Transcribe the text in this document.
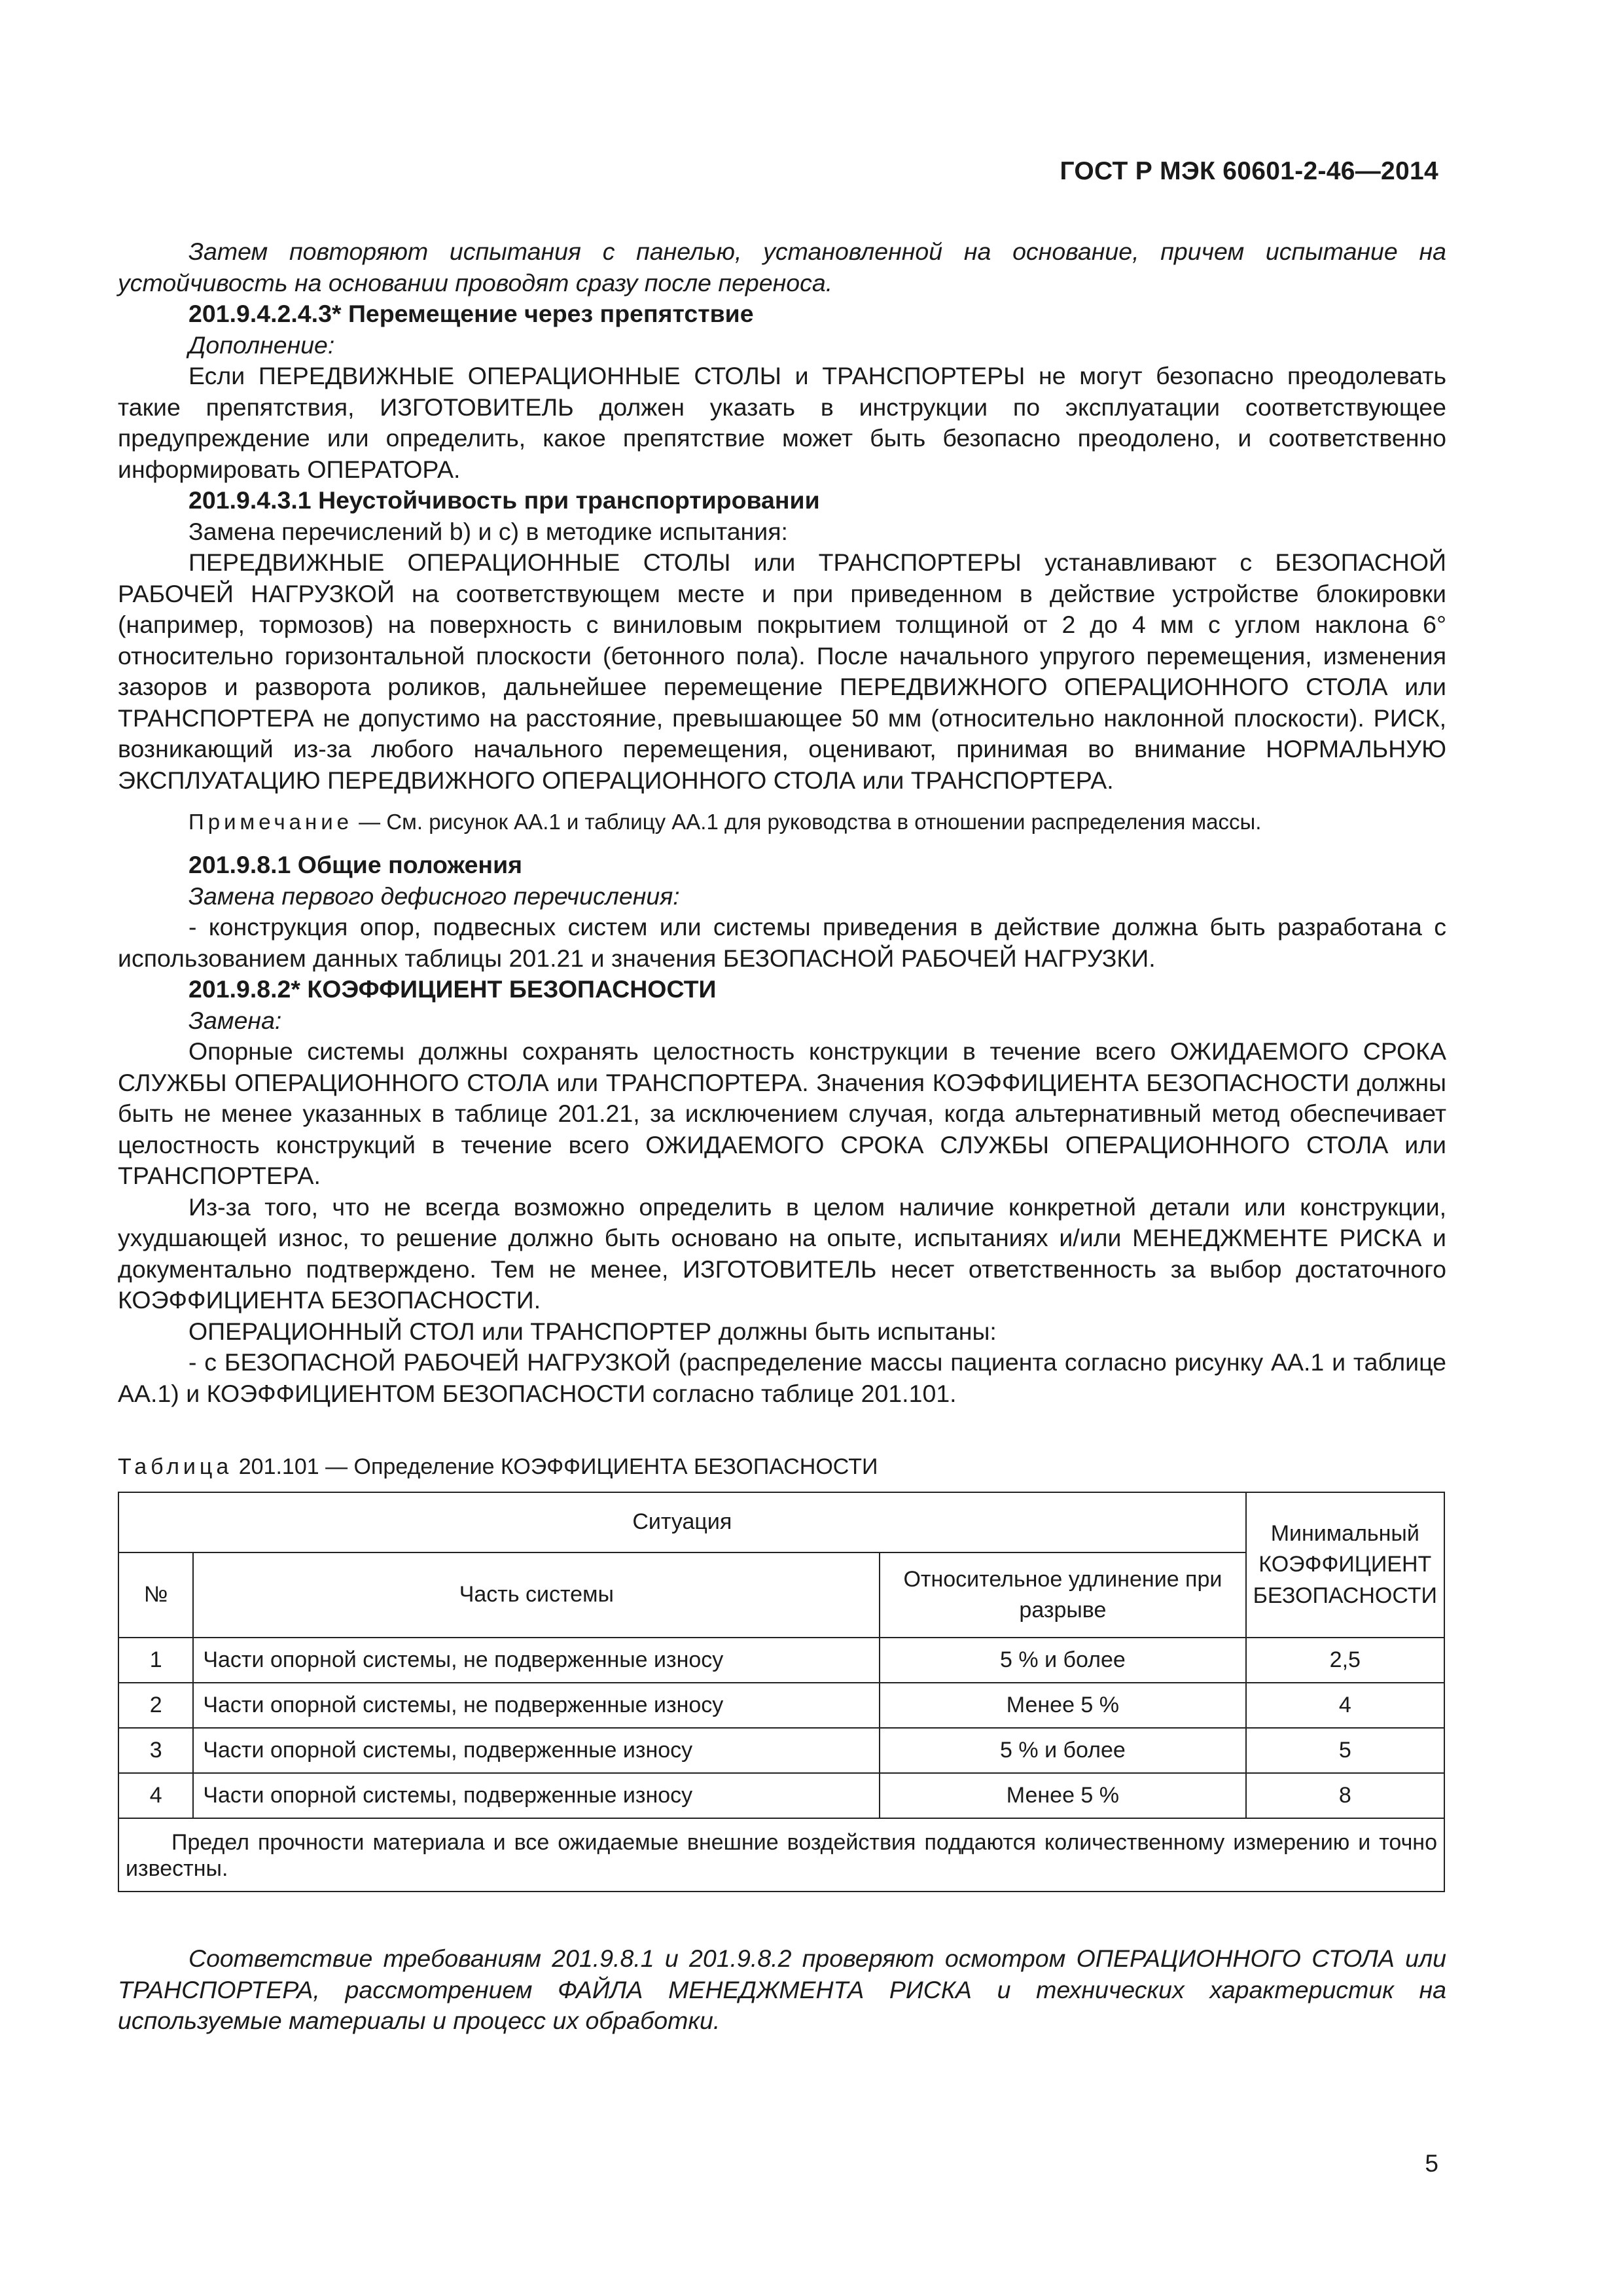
ГОСТ Р МЭК 60601-2-46—2014

Затем повторяют испытания с панелью, установленной на основание, причем испытание на устойчивость на основании проводят сразу после переноса.

201.9.4.2.4.3* Перемещение через препятствие

Дополнение:

Если ПЕРЕДВИЖНЫЕ ОПЕРАЦИОННЫЕ СТОЛЫ и ТРАНСПОРТЕРЫ не могут безопасно преодолевать такие препятствия, ИЗГОТОВИТЕЛЬ должен указать в инструкции по эксплуатации соответствующее предупреждение или определить, какое препятствие может быть безопасно преодолено, и соответственно информировать ОПЕРАТОРА.

201.9.4.3.1 Неустойчивость при транспортировании

Замена перечислений b) и c) в методике испытания:

ПЕРЕДВИЖНЫЕ ОПЕРАЦИОННЫЕ СТОЛЫ или ТРАНСПОРТЕРЫ устанавливают с БЕЗОПАСНОЙ РАБОЧЕЙ НАГРУЗКОЙ на соответствующем месте и при приведенном в действие устройстве блокировки (например, тормозов) на поверхность с виниловым покрытием толщиной от 2 до 4 мм с углом наклона 6° относительно горизонтальной плоскости (бетонного пола). После начального упругого перемещения, изменения зазоров и разворота роликов, дальнейшее перемещение ПЕРЕДВИЖНОГО ОПЕРАЦИОННОГО СТОЛА или ТРАНСПОРТЕРА не допустимо на расстояние, превышающее 50 мм (относительно наклонной плоскости). РИСК, возникающий из-за любого начального перемещения, оценивают, принимая во внимание НОРМАЛЬНУЮ ЭКСПЛУАТАЦИЮ ПЕРЕДВИЖНОГО ОПЕРАЦИОННОГО СТОЛА или ТРАНСПОРТЕРА.

Примечание — См. рисунок АА.1 и таблицу АА.1 для руководства в отношении распределения массы.

201.9.8.1 Общие положения

Замена первого дефисного перечисления:

- конструкция опор, подвесных систем или системы приведения в действие должна быть разработана с использованием данных таблицы 201.21 и значения БЕЗОПАСНОЙ РАБОЧЕЙ НАГРУЗКИ.

201.9.8.2* КОЭФФИЦИЕНТ БЕЗОПАСНОСТИ

Замена:

Опорные системы должны сохранять целостность конструкции в течение всего ОЖИДАЕМОГО СРОКА СЛУЖБЫ ОПЕРАЦИОННОГО СТОЛА или ТРАНСПОРТЕРА. Значения КОЭФФИЦИЕНТА БЕЗОПАСНОСТИ должны быть не менее указанных в таблице 201.21, за исключением случая, когда альтернативный метод обеспечивает целостность конструкций в течение всего ОЖИДАЕМОГО СРОКА СЛУЖБЫ ОПЕРАЦИОННОГО СТОЛА или ТРАНСПОРТЕРА.

Из-за того, что не всегда возможно определить в целом наличие конкретной детали или конструкции, ухудшающей износ, то решение должно быть основано на опыте, испытаниях и/или МЕНЕДЖМЕНТЕ РИСКА и документально подтверждено. Тем не менее, ИЗГОТОВИТЕЛЬ несет ответственность за выбор достаточного КОЭФФИЦИЕНТА БЕЗОПАСНОСТИ.

ОПЕРАЦИОННЫЙ СТОЛ или ТРАНСПОРТЕР должны быть испытаны:

- с БЕЗОПАСНОЙ РАБОЧЕЙ НАГРУЗКОЙ (распределение массы пациента согласно рисунку АА.1 и таблице АА.1) и КОЭФФИЦИЕНТОМ БЕЗОПАСНОСТИ согласно таблице 201.101.

Таблица 201.101 — Определение КОЭФФИЦИЕНТА БЕЗОПАСНОСТИ

Ситуация			Минимальный КОЭФФИЦИЕНТ БЕЗОПАСНОСТИ
№	Часть системы	Относительное удлинение при разрыве	
1	Части опорной системы, не подверженные износу	5 % и более	2,5
2	Части опорной системы, не подверженные износу	Менее 5 %	4
3	Части опорной системы, подверженные износу	5 % и более	5
4	Части опорной системы, подверженные износу	Менее 5 %	8
Предел прочности материала и все ожидаемые внешние воздействия поддаются количественному измерению и точно известны.			

Соответствие требованиям 201.9.8.1 и 201.9.8.2 проверяют осмотром ОПЕРАЦИОННОГО СТОЛА или ТРАНСПОРТЕРА, рассмотрением ФАЙЛА МЕНЕДЖМЕНТА РИСКА и технических характеристик на используемые материалы и процесс их обработки.

5
